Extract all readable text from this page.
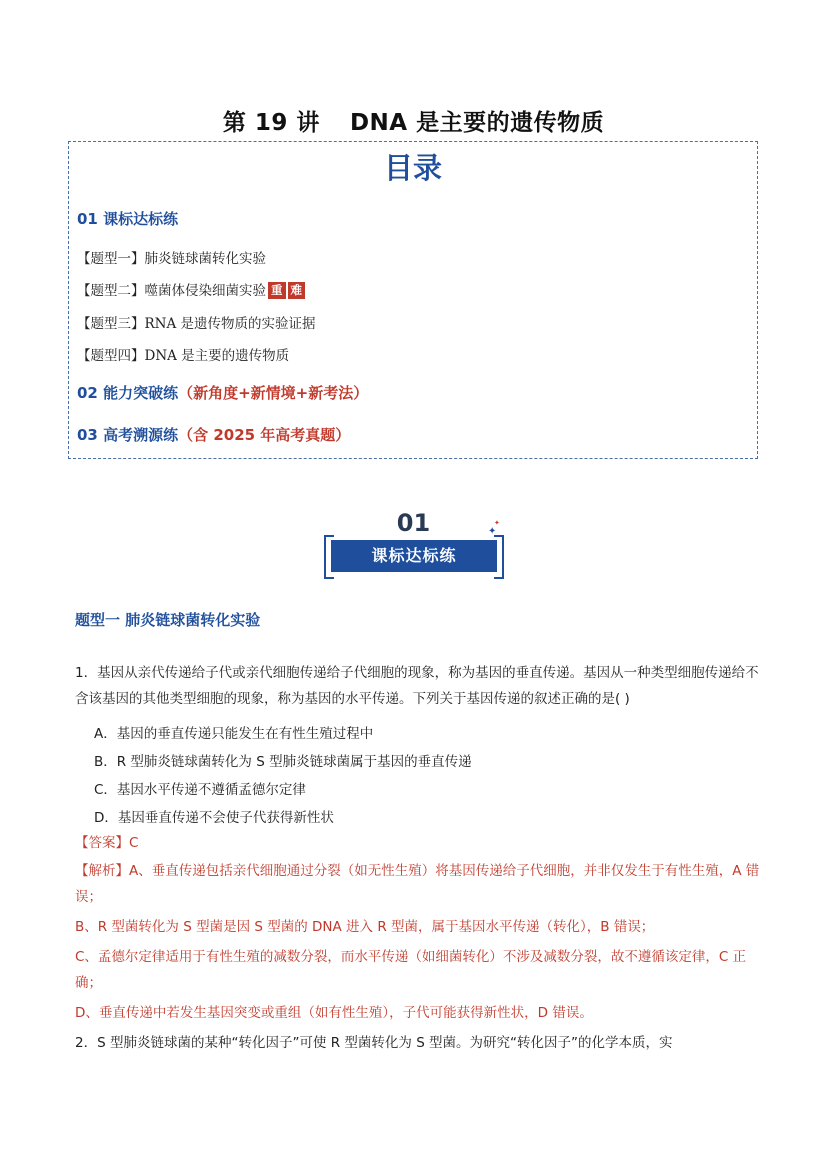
第 19 讲 DNA 是主要的遗传物质
目录
01 课标达标练
【题型一】肺炎链球菌转化实验
【题型二】噬菌体侵染细菌实验 重 难
【题型三】RNA 是遗传物质的实验证据
【题型四】DNA 是主要的遗传物质
02 能力突破练（新角度+新情境+新考法）
03 高考溯源练（含 2025 年高考真题）
01	✦
✦
课标达标练
题型一 肺炎链球菌转化实验
1．基因从亲代传递给子代或亲代细胞传递给子代细胞的现象，称为基因的垂直传递。基因从一种类型细胞传递给不含该基因的其他类型细胞的现象，称为基因的水平传递。下列关于基因传递的叙述正确的是( )
A．基因的垂直传递只能发生在有性生殖过程中
B．R 型肺炎链球菌转化为 S 型肺炎链球菌属于基因的垂直传递
C．基因水平传递不遵循孟德尔定律
D．基因垂直传递不会使子代获得新性状
【答案】C
【解析】A、垂直传递包括亲代细胞通过分裂（如无性生殖）将基因传递给子代细胞，并非仅发生于有性生殖，A 错误；
B、R 型菌转化为 S 型菌是因 S 型菌的 DNA 进入 R 型菌，属于基因水平传递（转化），B 错误；
C、孟德尔定律适用于有性生殖的减数分裂，而水平传递（如细菌转化）不涉及减数分裂，故不遵循该定律，C 正确；
D、垂直传递中若发生基因突变或重组（如有性生殖），子代可能获得新性状，D 错误。
2．S 型肺炎链球菌的某种“转化因子”可使 R 型菌转化为 S 型菌。为研究“转化因子”的化学本质，实
